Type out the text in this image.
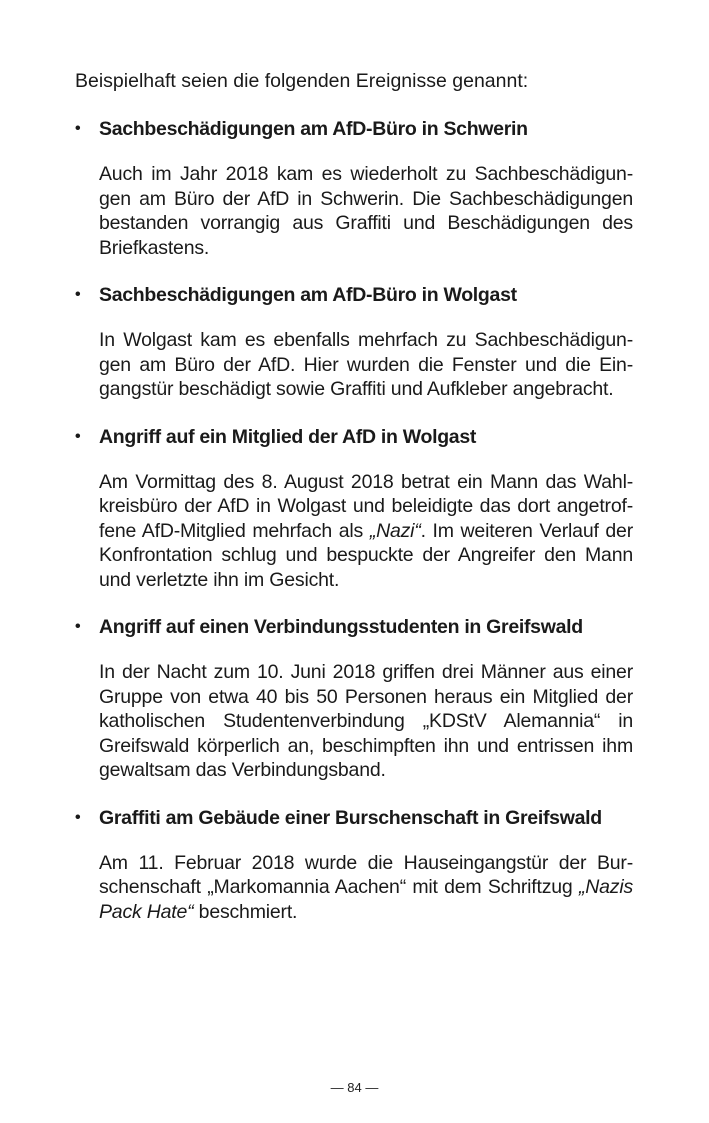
Beispielhaft seien die folgenden Ereignisse genannt:

• Sachbeschädigungen am AfD-Büro in Schwerin
Auch im Jahr 2018 kam es wiederholt zu Sachbeschädigun-
gen am Büro der AfD in Schwerin. Die Sachbeschädigungen
bestanden vorrangig aus Graffiti und Beschädigungen des
Briefkastens.
• Sachbeschädigungen am AfD-Büro in Wolgast
In Wolgast kam es ebenfalls mehrfach zu Sachbeschädigun-
gen am Büro der AfD. Hier wurden die Fenster und die Ein-
gangstür beschädigt sowie Graffiti und Aufkleber angebracht.
• Angriff auf ein Mitglied der AfD in Wolgast
Am Vormittag des 8. August 2018 betrat ein Mann das Wahl-
kreisbüro der AfD in Wolgast und beleidigte das dort angetrof-
fene AfD-Mitglied mehrfach als „Nazi“. Im weiteren Verlauf der
Konfrontation schlug und bespuckte der Angreifer den Mann
und verletzte ihn im Gesicht.
• Angriff auf einen Verbindungsstudenten in Greifswald
In der Nacht zum 10. Juni 2018 griffen drei Männer aus einer
Gruppe von etwa 40 bis 50 Personen heraus ein Mitglied der
katholischen Studentenverbindung „KDStV Alemannia“ in
Greifswald körperlich an, beschimpften ihn und entrissen ihm
gewaltsam das Verbindungsband.
• Graffiti am Gebäude einer Burschenschaft in Greifswald
Am 11. Februar 2018 wurde die Hauseingangstür der Bur-
schenschaft „Markomannia Aachen“ mit dem Schriftzug „Nazis
Pack Hate“ beschmiert.
— 84 —
